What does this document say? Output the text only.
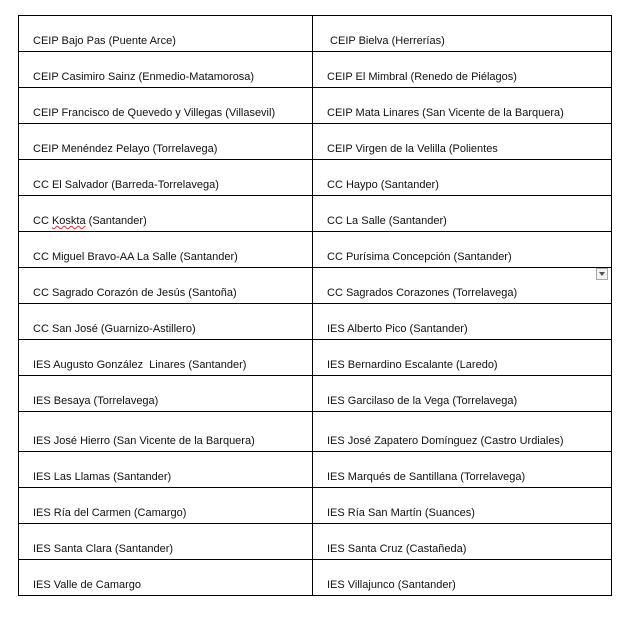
CEIP Bajo Pas (Puente Arce)	CEIP Bielva (Herrerías)

CEIP Casimiro Sainz (Enmedio-Matamorosa)	CEIP El Mimbral (Renedo de Piélagos)

CEIP Francisco de Quevedo y Villegas (Villasevil)	CEIP Mata Linares (San Vicente de la Barquera)

CEIP Menéndez Pelayo (Torrelavega)	CEIP Virgen de la Velilla (Polientes

CC El Salvador (Barreda-Torrelavega)	CC Haypo (Santander)

CC Koskta (Santander)	CC La Salle (Santander)

CC Miguel Bravo-AA La Salle (Santander)	CC Purísima Concepción (Santander)

CC Sagrado Corazón de Jesús (Santoña)	CC Sagrados Corazones (Torrelavega)

CC San José (Guarnizo-Astillero)	IES Alberto Pico (Santander)

IES Augusto González  Linares (Santander)	IES Bernardino Escalante (Laredo)

IES Besaya (Torrelavega)	IES Garcilaso de la Vega (Torrelavega)

IES José Hierro (San Vicente de la Barquera)	IES José Zapatero Domínguez (Castro Urdiales)

IES Las Llamas (Santander)	IES Marqués de Santillana (Torrelavega)

IES Ría del Carmen (Camargo)	IES Ría San Martín (Suances)

IES Santa Clara (Santander)	IES Santa Cruz (Castañeda)

IES Valle de Camargo	IES Villajunco (Santander)
